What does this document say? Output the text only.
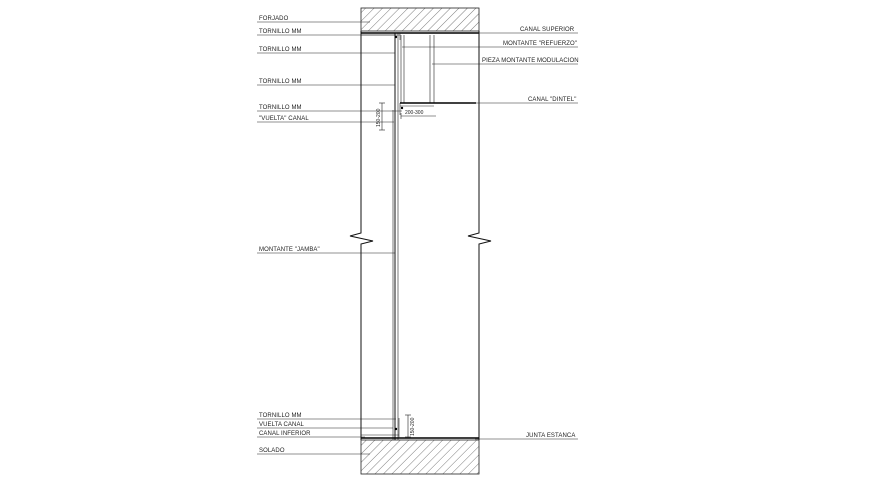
150-200	200-300
150-200
FORJADO
TORNILLO MM
TORNILLO MM
TORNILLO MM
TORNILLO MM
"VUELTA" CANAL
MONTANTE "JAMBA"
TORNILLO MM
VUELTA CANAL
CANAL INFERIOR
SOLADO
CANAL SUPERIOR
MONTANTE "REFUERZO"
PIEZA MONTANTE MODULACION
CANAL "DINTEL"
JUNTA ESTANCA
